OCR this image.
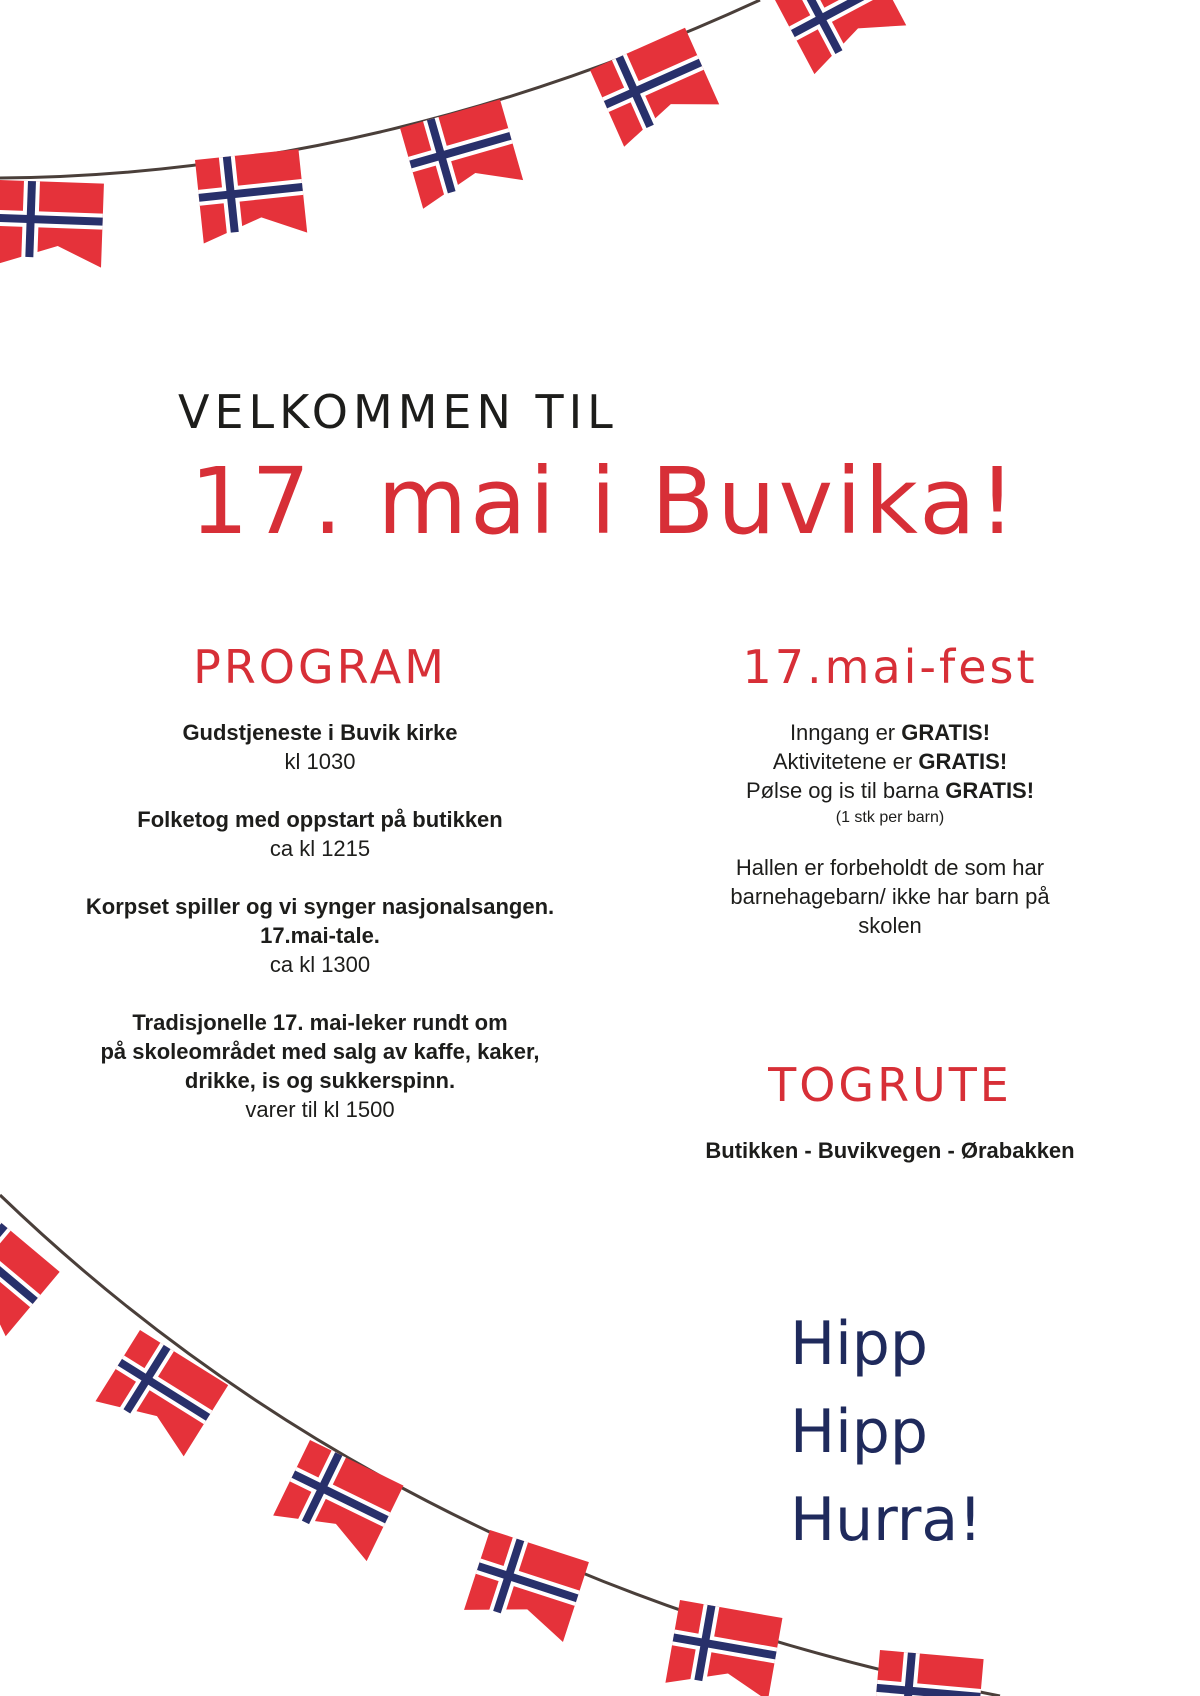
VELKOMMEN TIL
17. mai i Buvika!
PROGRAM
Gudstjeneste i Buvik kirke
kl 1030
Folketog med oppstart på butikken
ca kl 1215
Korpset spiller og vi synger nasjonalsangen.
17.mai-tale.
ca kl 1300
Tradisjonelle 17. mai-leker rundt om
på skoleområdet med salg av kaffe, kaker,
drikke, is og sukkerspinn.
varer til kl 1500
17.mai-fest
Inngang er GRATIS!
Aktivitetene er GRATIS!
Pølse og is til barna GRATIS!
(1 stk per barn)
Hallen er forbeholdt de som har barnehagebarn/ ikke har barn på skolen
TOGRUTE
Butikken - Buvikvegen - Ørabakken
Hipp
Hipp
Hurra!
